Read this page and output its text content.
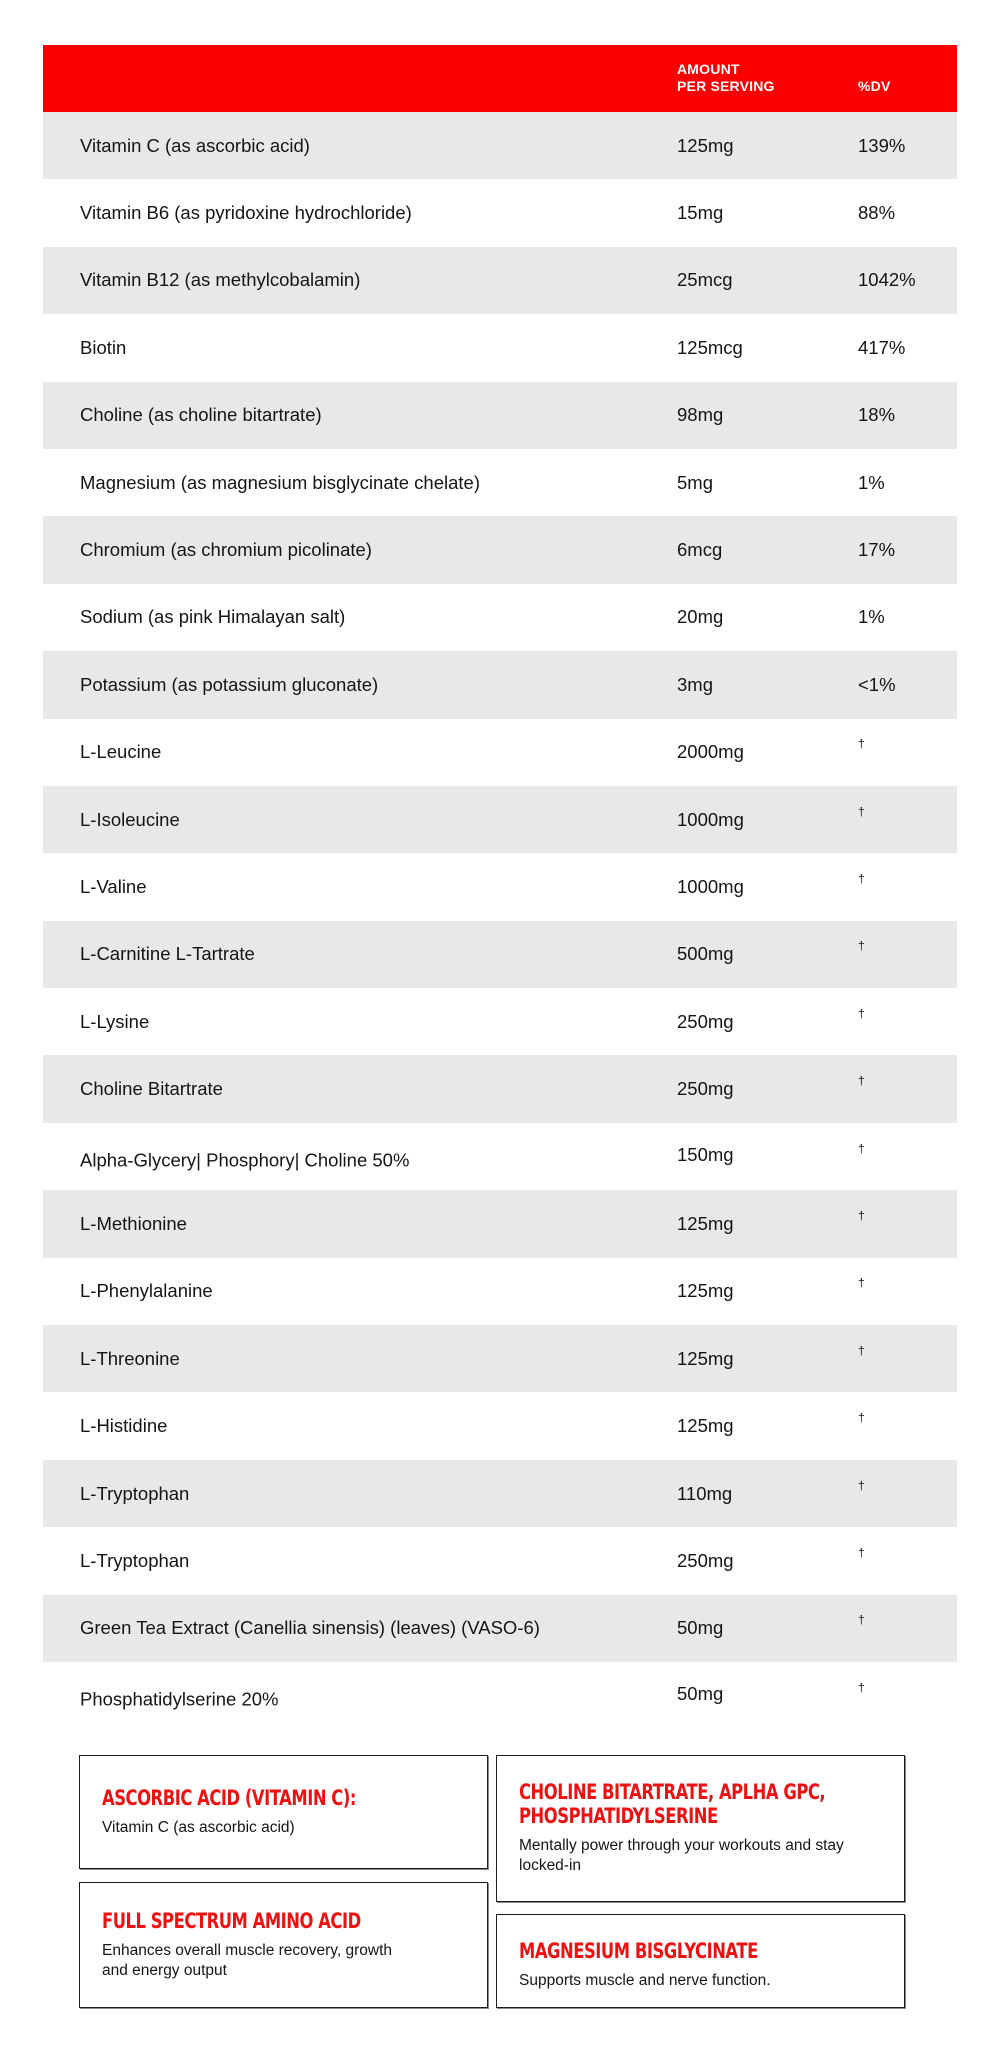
AMOUNT
PER SERVING	%DV
Vitamin C (as ascorbic acid)	125mg	139%
Vitamin B6 (as pyridoxine hydrochloride)	15mg	88%
Vitamin B12 (as methylcobalamin)	25mcg	1042%
Biotin	125mcg	417%
Choline (as choline bitartrate)	98mg	18%
Magnesium (as magnesium bisglycinate chelate)	5mg	1%
Chromium (as chromium picolinate)	6mcg	17%
Sodium (as pink Himalayan salt)	20mg	1%
Potassium (as potassium gluconate)	3mg	<1%
L-Leucine	2000mg	†
L-Isoleucine	1000mg	†
L-Valine	1000mg	†
L-Carnitine L-Tartrate	500mg	†
L-Lysine	250mg	†
Choline Bitartrate	250mg	†
Alpha-Glycery| Phosphory| Choline 50%	150mg	†
L-Methionine	125mg	†
L-Phenylalanine	125mg	†
L-Threonine	125mg	†
L-Histidine	125mg	†
L-Tryptophan	110mg	†
L-Tryptophan	250mg	†
Green Tea Extract (Canellia sinensis) (leaves) (VASO-6)	50mg	†
Phosphatidylserine 20%	50mg	†
ASCORBIC ACID (VITAMIN C):
Vitamin C (as ascorbic acid)
FULL SPECTRUM AMINO ACID
Enhances overall muscle recovery, growth and energy output
CHOLINE BITARTRATE, APLHA GPC,
PHOSPHATIDYLSERINE
Mentally power through your workouts and stay locked-in
MAGNESIUM BISGLYCINATE
Supports muscle and nerve function.
